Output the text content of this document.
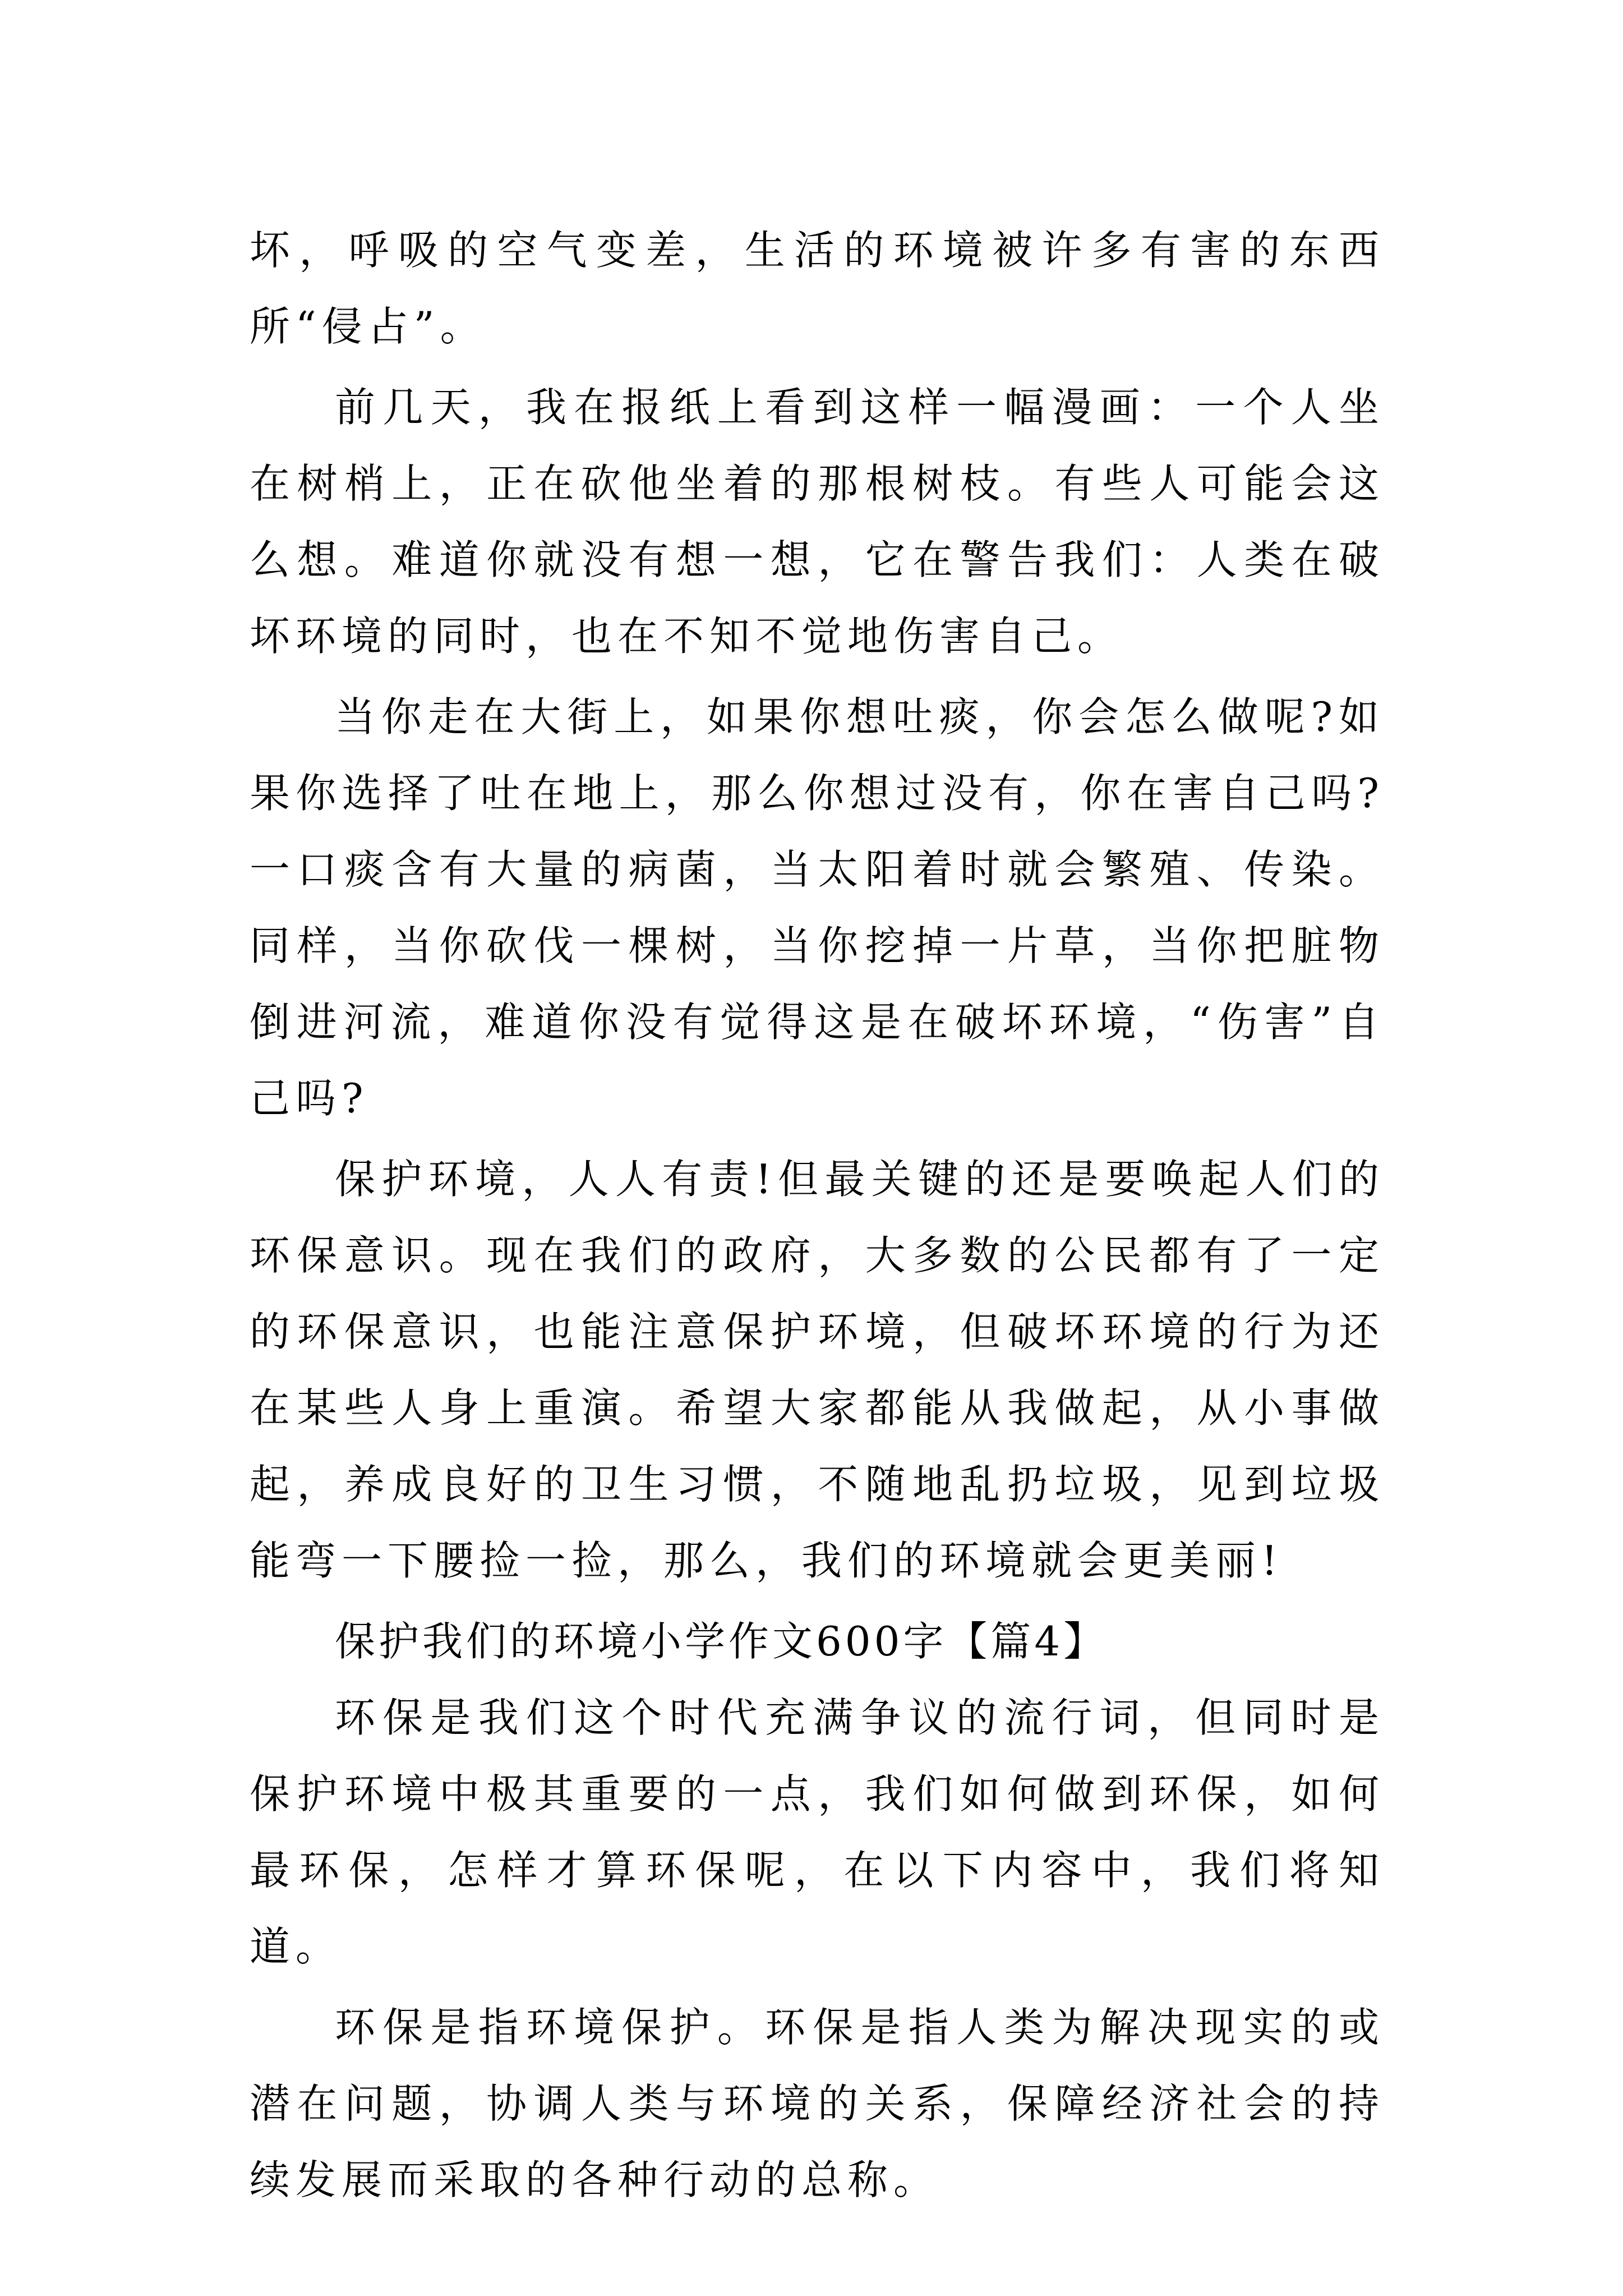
坏，呼吸的空气变差，生活的环境被许多有害的东西所“侵占”。

前几天，我在报纸上看到这样一幅漫画：一个人坐在树梢上，正在砍他坐着的那根树枝。有些人可能会这么想。难道你就没有想一想，它在警告我们：人类在破坏环境的同时，也在不知不觉地伤害自己。

当你走在大街上，如果你想吐痰，你会怎么做呢?如果你选择了吐在地上，那么你想过没有，你在害自己吗?一口痰含有大量的病菌，当太阳着时就会繁殖、传染。同样，当你砍伐一棵树，当你挖掉一片草，当你把脏物倒进河流，难道你没有觉得这是在破坏环境，“伤害”自己吗?

保护环境，人人有责!但最关键的还是要唤起人们的环保意识。现在我们的政府，大多数的公民都有了一定的环保意识，也能注意保护环境，但破坏环境的行为还在某些人身上重演。希望大家都能从我做起，从小事做起，养成良好的卫生习惯，不随地乱扔垃圾，见到垃圾能弯一下腰捡一捡，那么，我们的环境就会更美丽!

保护我们的环境小学作文600字【篇4】

环保是我们这个时代充满争议的流行词，但同时是保护环境中极其重要的一点，我们如何做到环保，如何最环保，怎样才算环保呢，在以下内容中，我们将知道。

环保是指环境保护。环保是指人类为解决现实的或潜在问题，协调人类与环境的关系，保障经济社会的持续发展而采取的各种行动的总称。
